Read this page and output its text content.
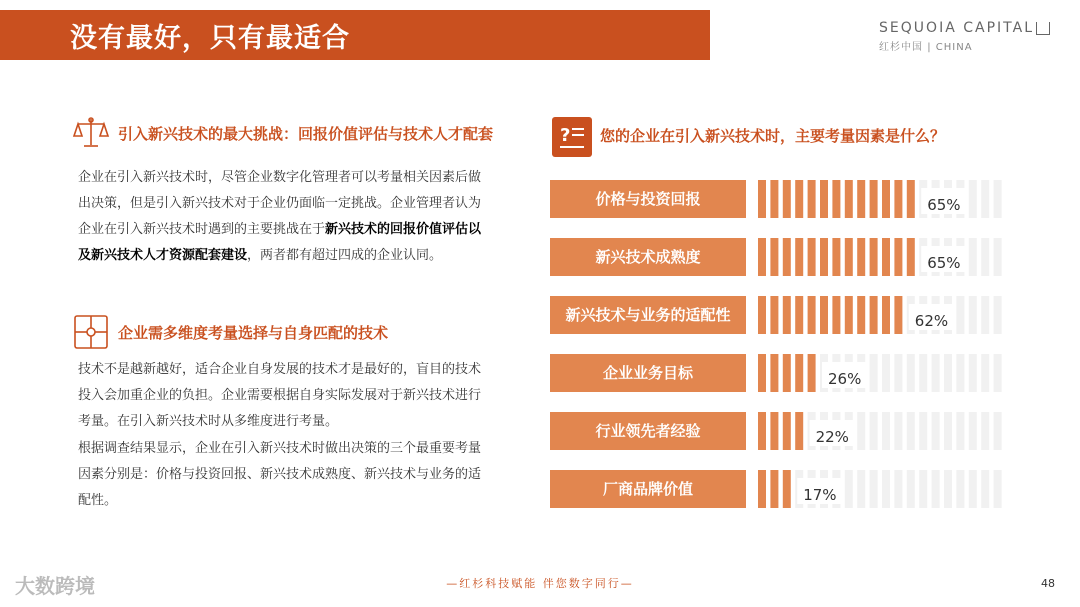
没有最好，只有最适合	SEQUOIA CAPITAL
红杉中国 | CHINA
引入新兴技术的最大挑战：回报价值评估与技术人才配套
企业在引入新兴技术时，尽管企业数字化管理者可以考量相关因素后做
出决策，但是引入新兴技术对于企业仍面临一定挑战。企业管理者认为
企业在引入新兴技术时遇到的主要挑战在于新兴技术的回报价值评估以
及新兴技术人才资源配套建设，两者都有超过四成的企业认同。
企业需多维度考量选择与自身匹配的技术
技术不是越新越好，适合企业自身发展的技术才是最好的，盲目的技术
投入会加重企业的负担。企业需要根据自身实际发展对于新兴技术进行
考量。在引入新兴技术时从多维度进行考量。
根据调查结果显示，企业在引入新兴技术时做出决策的三个最重要考量
因素分别是：价格与投资回报、新兴技术成熟度、新兴技术与业务的适
配性。
? 您的企业在引入新兴技术时，主要考量因素是什么？
价格与投资回报	65%
新兴技术成熟度	65%
新兴技术与业务的适配性	62%
企业业务目标	26%
行业领先者经验	22%
厂商品牌价值	17%
大数跨境	—红杉科技赋能 伴您数字同行—	48
